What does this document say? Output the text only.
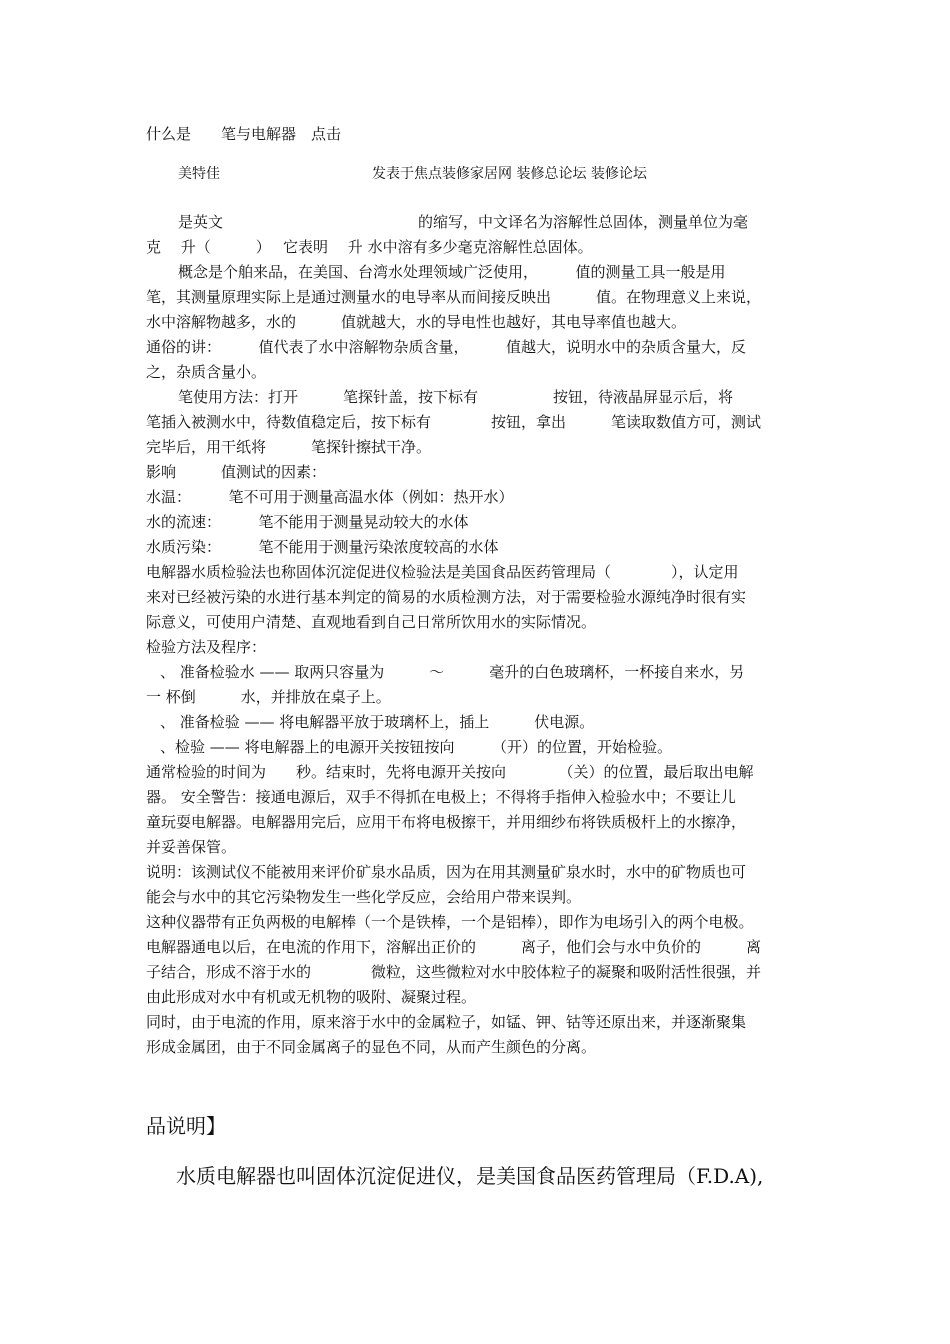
什么是　　笔与电解器　点击
美特佳	发表于焦点装修家居网 装修总论坛 装修论坛
是英文　　　　　　　　　　　　　的缩写，中文译名为溶解性总固体，测量单位为毫
克　 升（　　　）　 它表明　 升 水中溶有多少毫克溶解性总固体。
概念是个舶来品，在美国、台湾水处理领域广泛使用，　　　值的测量工具一般是用
笔，其测量原理实际上是通过测量水的电导率从而间接反映出　　　值。在物理意义上来说，
水中溶解物越多，水的　　　值就越大，水的导电性也越好，其电导率值也越大。
通俗的讲：　　　值代表了水中溶解物杂质含量，　　　值越大，说明水中的杂质含量大，反
之，杂质含量小。
笔使用方法：打开　　　笔探针盖，按下标有　　　　　按钮，待液晶屏显示后，将
笔插入被测水中，待数值稳定后，按下标有　　　　按钮，拿出　　　笔读取数值方可，测试
完毕后，用干纸将　　　笔探针擦拭干净。
影响　　　值测试的因素：
水温：　　　笔不可用于测量高温水体（例如：热开水）
水的流速：　　　笔不能用于测量晃动较大的水体
水质污染：　　　笔不能用于测量污染浓度较高的水体
电解器水质检验法也称固体沉淀促进仪检验法是美国食品医药管理局（　　　　），认定用
来对已经被污染的水进行基本判定的简易的水质检测方法，对于需要检验水源纯净时很有实
际意义，可使用户清楚、直观地看到自己日常所饮用水的实际情况。
检验方法及程序：
、 准备检验水 —— 取两只容量为　　　～　　　毫升的白色玻璃杯，一杯接自来水，另
一 杯倒　　　水，并排放在桌子上。
、 准备检验 —— 将电解器平放于玻璃杯上，插上　　　伏电源。
、检验 —— 将电解器上的电源开关按钮按向　　　（开）的位置，开始检验。
通常检验的时间为　　秒。结束时，先将电源开关按向　　　　（关）的位置，最后取出电解
器。 安全警告：接通电源后，双手不得抓在电极上；不得将手指伸入检验水中；不要让儿
童玩耍电解器。电解器用完后，应用干布将电极擦干，并用细纱布将铁质极杆上的水擦净，
并妥善保管。
说明：该测试仪不能被用来评价矿泉水品质，因为在用其测量矿泉水时，水中的矿物质也可
能会与水中的其它污染物发生一些化学反应，会给用户带来误判。
这种仪器带有正负两极的电解棒（一个是铁棒，一个是铝棒），即作为电场引入的两个电极。
电解器通电以后，在电流的作用下，溶解出正价的　　　离子，他们会与水中负价的　　　离
子结合，形成不溶于水的　　　　微粒，这些微粒对水中胶体粒子的凝聚和吸附活性很强，并
由此形成对水中有机或无机物的吸附、凝聚过程。
同时，由于电流的作用，原来溶于水中的金属粒子，如锰、钾、钴等还原出来，并逐渐聚集
形成金属团，由于不同金属离子的显色不同，从而产生颜色的分离。
品说明】
水质电解器也叫固体沉淀促进仪，是美国食品医药管理局（F.D.A),
